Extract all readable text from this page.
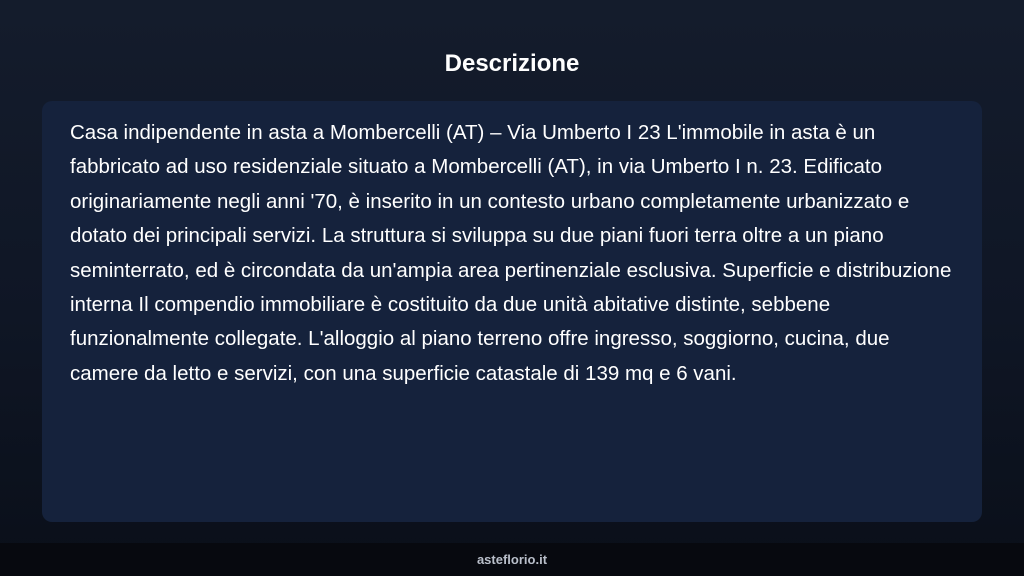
Descrizione

Casa indipendente in asta a Mombercelli (AT) – Via Umberto I 23 L'immobile in asta è un fabbricato ad uso residenziale situato a Mombercelli (AT), in via Umberto I n. 23. Edificato originariamente negli anni '70, è inserito in un contesto urbano completamente urbanizzato e dotato dei principali servizi. La struttura si sviluppa su due piani fuori terra oltre a un piano seminterrato, ed è circondata da un'ampia area pertinenziale esclusiva. Superficie e distribuzione interna Il compendio immobiliare è costituito da due unità abitative distinte, sebbene funzionalmente collegate. L'alloggio al piano terreno offre ingresso, soggiorno, cucina, due camere da letto e servizi, con una superficie catastale di 139 mq e 6 vani.

asteflorio.it
